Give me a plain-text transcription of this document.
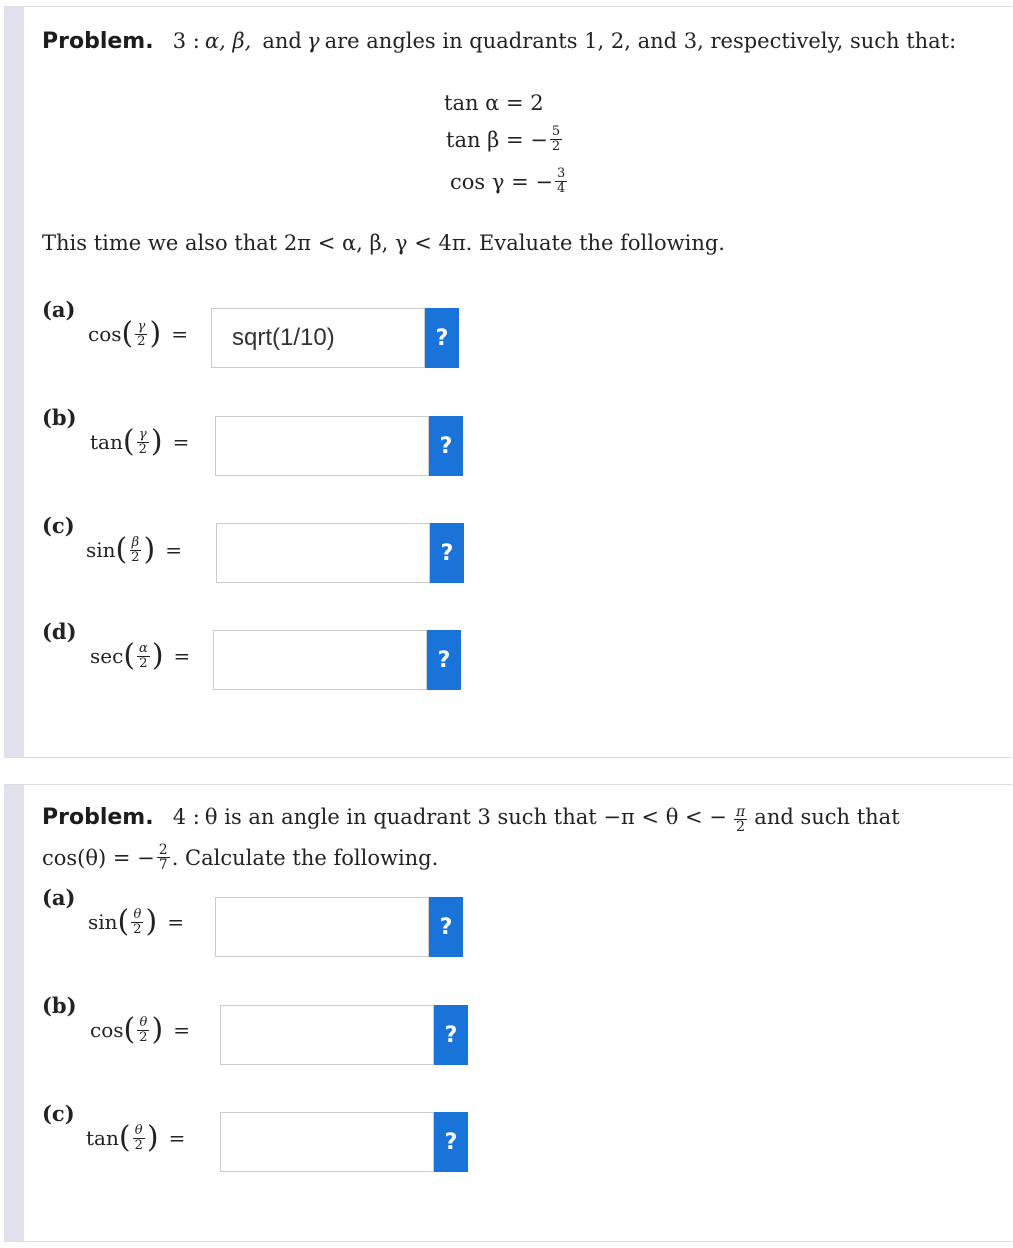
Problem. 3 : α, β, and γ are angles in quadrants 1, 2, and 3, respectively, such that:
tan α = 2
tan β = − $\frac{5}{2}$
cos γ = − $\frac{3}{4}$
This time we also that 2π < α, β, γ < 4π. Evaluate the following.
(a)
cos ( $\frac{\gamma}{2}$ ) =	sqrt(1/10)	?
(b)
tan ( $\frac{\gamma}{2}$ ) =	?
(c)
sin ( $\frac{\beta}{2}$ ) =	?
(d)
sec ( $\frac{\alpha}{2}$ ) =	?
Problem. 4 : θ is an angle in quadrant 3 such that −π < θ < − $\frac{\pi}{2}$ and such that
cos(θ) = − $\frac{2}{7}$ . Calculate the following.
(a)
sin ( $\frac{\theta}{2}$ ) =	?
(b)
cos ( $\frac{\theta}{2}$ ) =	?
(c)
tan ( $\frac{\theta}{2}$ ) =	?
